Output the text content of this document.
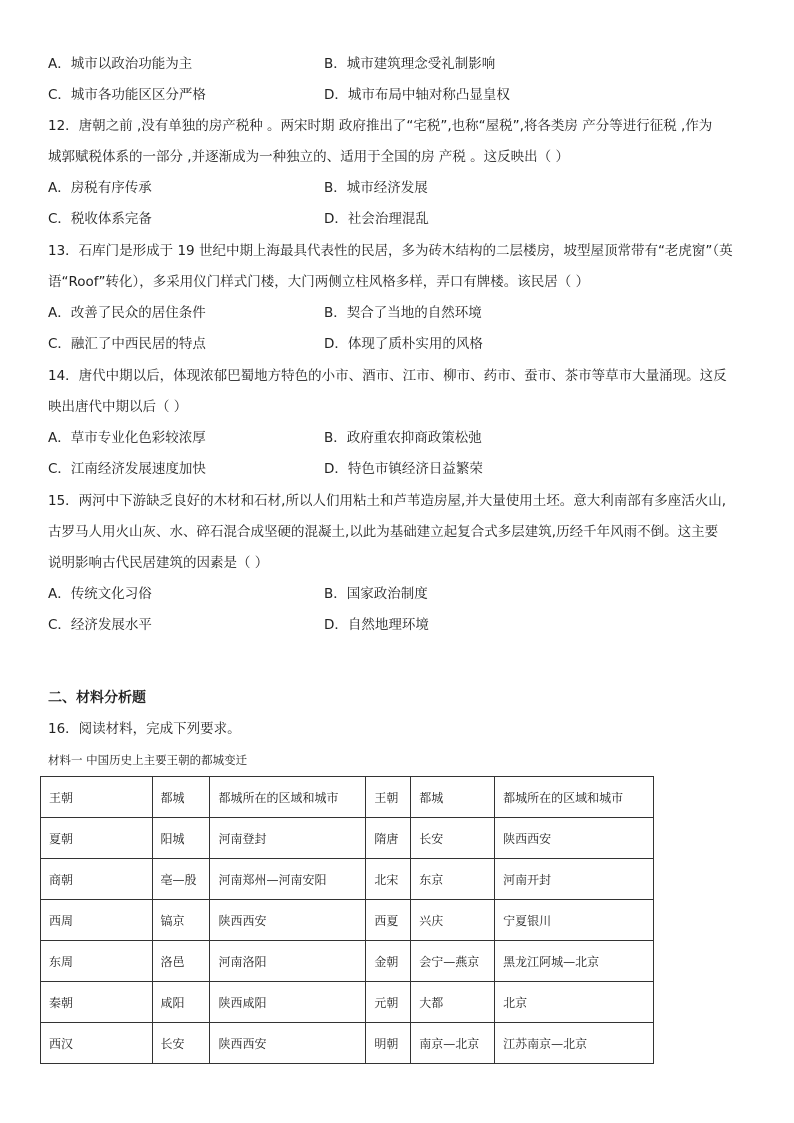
A．城市以政治功能为主	B．城市建筑理念受礼制影响
C．城市各功能区区分严格	D．城市布局中轴对称凸显皇权
12．唐朝之前 ,没有单独的房产税种 。两宋时期 政府推出了“宅税”,也称“屋税”,将各类房 产分等进行征税 ,作为
城郭赋税体系的一部分 ,并逐渐成为一种独立的、适用于全国的房 产税 。这反映出（ ）
A．房税有序传承	B．城市经济发展
C．税收体系完备	D．社会治理混乱
13．石库门是形成于 19 世纪中期上海最具代表性的民居，多为砖木结构的二层楼房，坡型屋顶常带有“老虎窗”（英
语“Roof”转化），多采用仪门样式门楼，大门两侧立柱风格多样，弄口有牌楼。该民居（ ）
A．改善了民众的居住条件	B．契合了当地的自然环境
C．融汇了中西民居的特点	D．体现了质朴实用的风格
14．唐代中期以后，体现浓郁巴蜀地方特色的小市、酒市、江市、柳市、药市、蚕市、茶市等草市大量涌现。这反
映出唐代中期以后（ ）
A．草市专业化色彩较浓厚	B．政府重农抑商政策松弛
C．江南经济发展速度加快	D．特色市镇经济日益繁荣
15．两河中下游缺乏良好的木材和石材,所以人们用粘土和芦苇造房屋,并大量使用土坯。意大利南部有多座活火山,
古罗马人用火山灰、水、碎石混合成坚硬的混凝土,以此为基础建立起复合式多层建筑,历经千年风雨不倒。这主要
说明影响古代民居建筑的因素是（ ）
A．传统文化习俗	B．国家政治制度
C．经济发展水平	D．自然地理环境
二、材料分析题
16．阅读材料，完成下列要求。
材料一 中国历史上主要王朝的都城变迁
王朝	都城	都城所在的区域和城市	王朝	都城	都城所在的区域和城市
夏朝	阳城	河南登封	隋唐	长安	陕西西安
商朝	亳—殷	河南郑州—河南安阳	北宋	东京	河南开封
西周	镐京	陕西西安	西夏	兴庆	宁夏银川
东周	洛邑	河南洛阳	金朝	会宁—燕京	黑龙江阿城—北京
秦朝	咸阳	陕西咸阳	元朝	大都	北京
西汉	长安	陕西西安	明朝	南京—北京	江苏南京—北京
